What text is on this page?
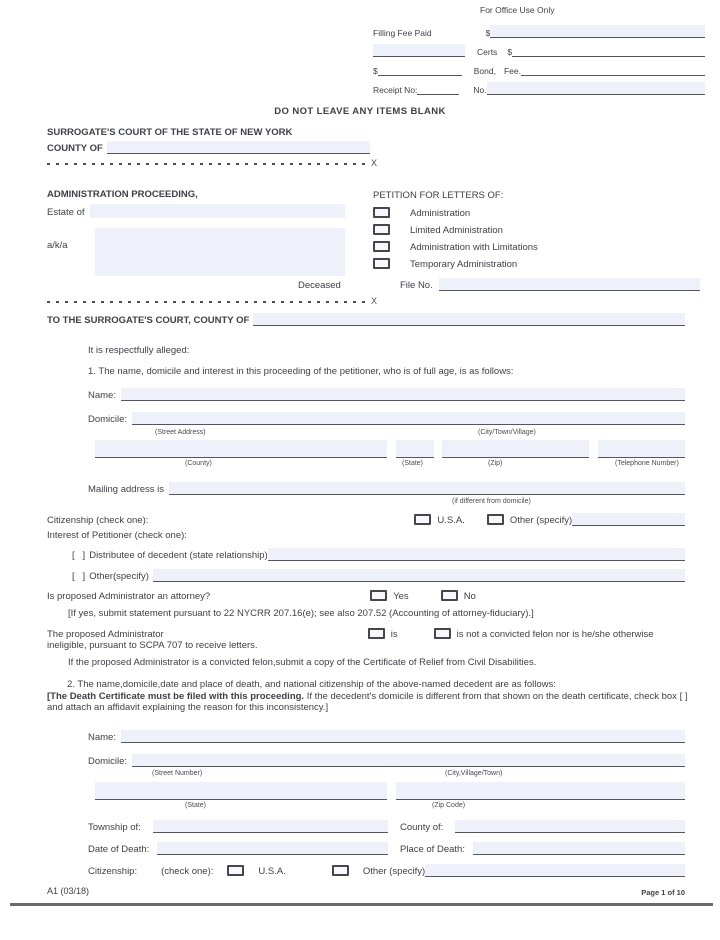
For Office Use Only
Filling Fee Paid	$
Certs $
$	Bond, Fee.
Receipt No:	No.
DO NOT LEAVE ANY ITEMS BLANK
SURROGATE'S COURT OF THE STATE OF NEW YORK
COUNTY OF
X
ADMINISTRATION PROCEEDING,
Estate of
a/k/a
Deceased
PETITION FOR LETTERS OF:
Administration
Limited Administration
Administration with Limitations
Temporary Administration
File No.
X
TO THE SURROGATE'S COURT, COUNTY OF
It is respectfully alleged:
1. The name, domicile and interest in this proceeding of the petitioner, who is of full age, is as follows:
Name:
Domicile:
(Street Address)	(City/Town/Village)
(County)	(State)	(Zip)	(Telephone Number)
Mailing address is
(if different from domicile)
Citizenship (check one):	U.S.A.	Other (specify)
Interest of Petitioner (check one):
[   ] Distributee of decedent (state relationship)
[   ] Other(specify)
Is proposed Administrator an attorney?	Yes	No
[If yes, submit statement pursuant to 22 NYCRR 207.16(e); see also 207.52 (Accounting of attorney-fiduciary).]
The proposed Administrator	is	is not a convicted felon nor is he/she otherwise
ineligible, pursuant to SCPA 707 to receive letters.
If the proposed Administrator is a convicted felon,submit a copy of the Certificate of Relief from Civil Disabilities.
2. The name,domicile,date and place of death, and national citizenship of the above-named decedent are as follows:
[The Death Certificate must be filed with this proceeding. If the decedent's domicile is different from that shown on the death certificate, check box [ ] and attach an affidavit explaining the reason for this inconsistency.]
Name:
Domicile:
(Street Number)	(City,Village/Town)
(State)	(Zip Code)
Township of:	County of:
Date of Death:	Place of Death:
Citizenship:	(check one):	U.S.A.	Other (specify)
A1 (03/18)	Page 1 of 10
